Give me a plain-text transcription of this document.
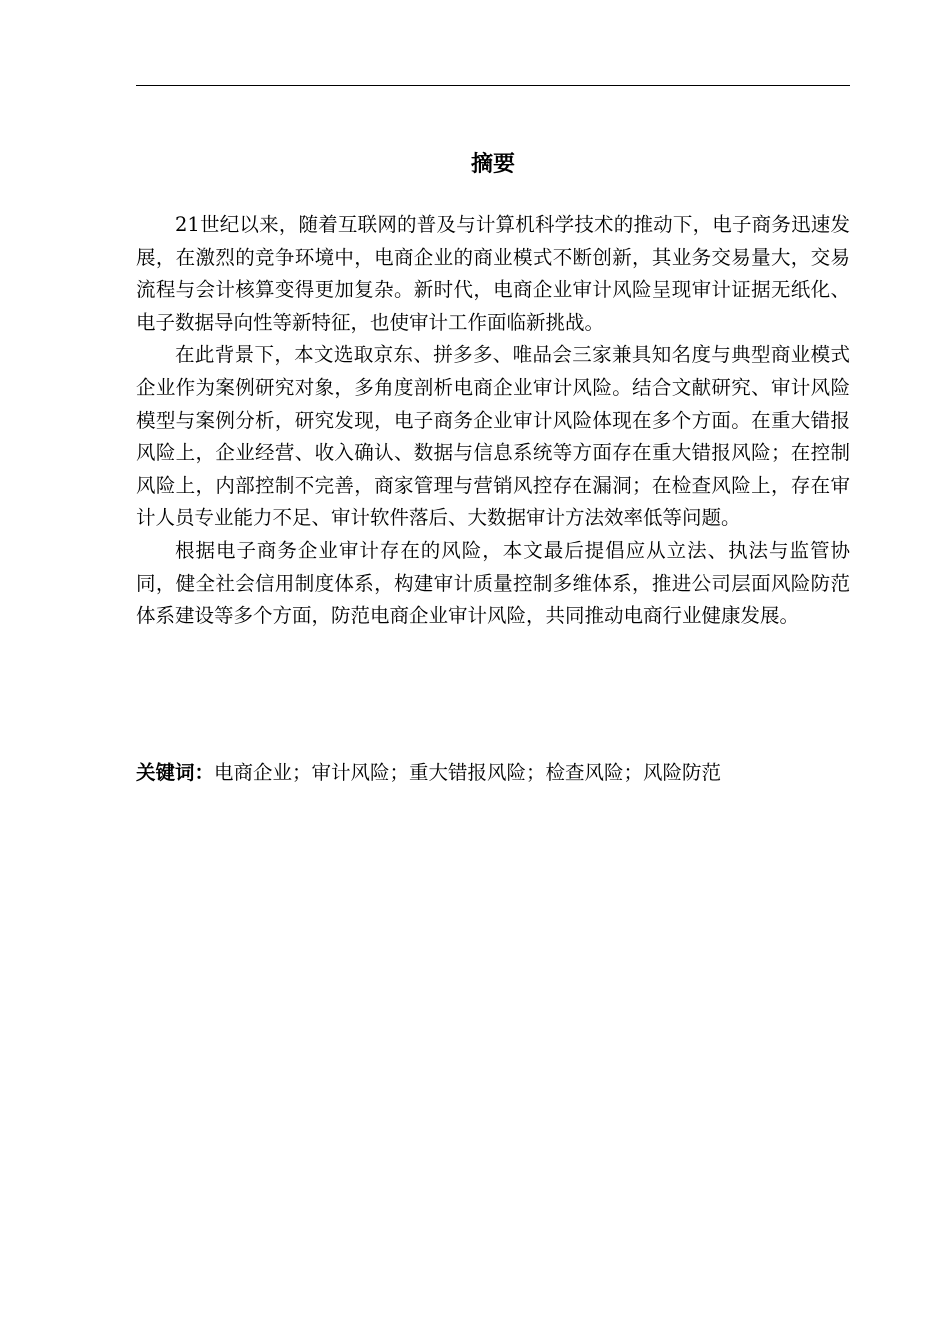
摘要

21世纪以来，随着互联网的普及与计算机科学技术的推动下，电子商务迅速发展，在激烈的竞争环境中，电商企业的商业模式不断创新，其业务交易量大，交易流程与会计核算变得更加复杂。新时代，电商企业审计风险呈现审计证据无纸化、电子数据导向性等新特征，也使审计工作面临新挑战。

在此背景下，本文选取京东、拼多多、唯品会三家兼具知名度与典型商业模式企业作为案例研究对象，多角度剖析电商企业审计风险。结合文献研究、审计风险模型与案例分析，研究发现，电子商务企业审计风险体现在多个方面。在重大错报风险上，企业经营、收入确认、数据与信息系统等方面存在重大错报风险；在控制风险上，内部控制不完善，商家管理与营销风控存在漏洞；在检查风险上，存在审计人员专业能力不足、审计软件落后、大数据审计方法效率低等问题。

根据电子商务企业审计存在的风险，本文最后提倡应从立法、执法与监管协同，健全社会信用制度体系，构建审计质量控制多维体系，推进公司层面风险防范体系建设等多个方面，防范电商企业审计风险，共同推动电商行业健康发展。

关键词：电商企业；审计风险；重大错报风险；检查风险；风险防范
